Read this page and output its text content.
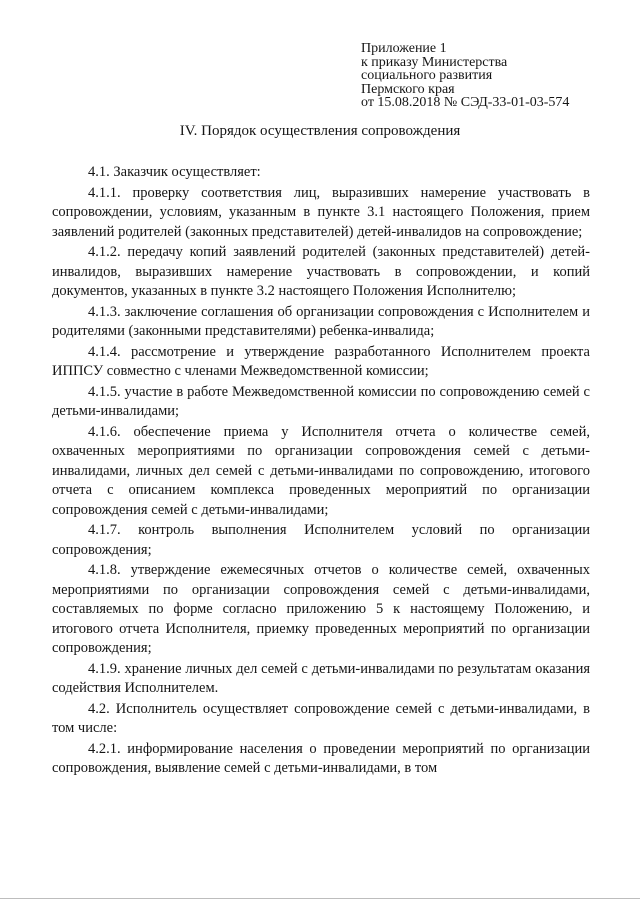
Приложение 1
к приказу Министерства
социального развития
Пермского края
от 15.08.2018 № СЭД-33-01-03-574
IV. Порядок осуществления сопровождения

4.1. Заказчик осуществляет:

4.1.1. проверку соответствия лиц, выразивших намерение участвовать в сопровождении, условиям, указанным в пункте 3.1 настоящего Положения, прием заявлений родителей (законных представителей) детей-инвалидов на сопровождение;

4.1.2. передачу копий заявлений родителей (законных представителей) детей-инвалидов, выразивших намерение участвовать в сопровождении, и копий документов, указанных в пункте 3.2 настоящего Положения Исполнителю;

4.1.3. заключение соглашения об организации сопровождения с Исполнителем и родителями (законными представителями) ребенка-инвалида;

4.1.4. рассмотрение и утверждение разработанного Исполнителем проекта ИППСУ совместно с членами Межведомственной комиссии;

4.1.5. участие в работе Межведомственной комиссии по сопровождению семей с детьми-инвалидами;

4.1.6. обеспечение приема у Исполнителя отчета о количестве семей, охваченных мероприятиями по организации сопровождения семей с детьми-инвалидами, личных дел семей с детьми-инвалидами по сопровождению, итогового отчета с описанием комплекса проведенных мероприятий по организации сопровождения семей с детьми-инвалидами;

4.1.7. контроль выполнения Исполнителем условий по организации сопровождения;

4.1.8. утверждение ежемесячных отчетов о количестве семей, охваченных мероприятиями по организации сопровождения семей с детьми-инвалидами, составляемых по форме согласно приложению 5 к настоящему Положению, и итогового отчета Исполнителя, приемку проведенных мероприятий по организации сопровождения;

4.1.9. хранение личных дел семей с детьми-инвалидами по результатам оказания содействия Исполнителем.

4.2. Исполнитель осуществляет сопровождение семей с детьми-инвалидами, в том числе:

4.2.1. информирование населения о проведении мероприятий по организации сопровождения, выявление семей с детьми-инвалидами, в том
